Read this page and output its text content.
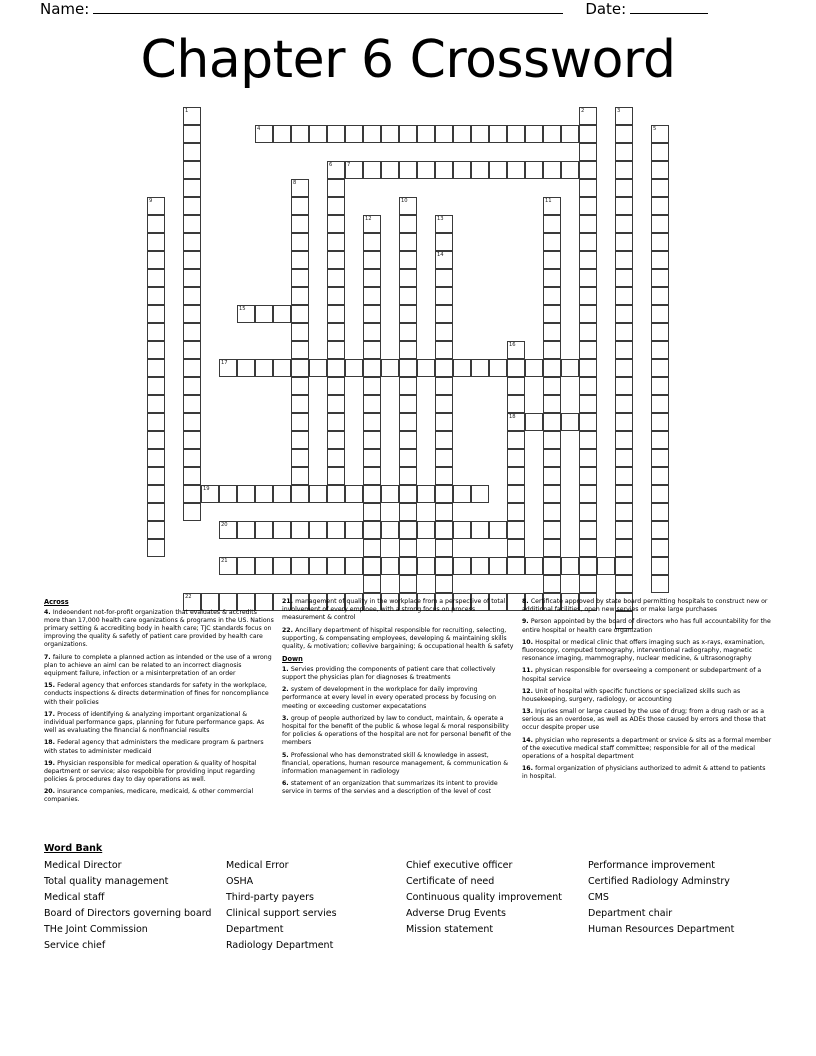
Name:	Date:
Chapter 6 Crossword
1	2	3
4	5
6	7
8
9	10	11
12	13
14
15
16
18
17
19
20
21
22
Across

4. Indeoendent not-for-profit organization that evaluates & accredits more than 17,000 health care oganizations & programs in the US. Nations primary setting & accrediting body in health care; TJC standards focus on improving the quality & safetly of patient care provided by health care organizations.

7. failure to complete a planned action as intended or the use of a wrong plan to achieve an aiml can be related to an incorrect diagnosis equipment failure, infection or a misinterpretation of an order

15. Federal agency that enforces standards for safety in the workplace, conducts inspections & directs determination of fines for noncompliance with their policies

17. Process of identifying & analyzing important organizational & individual performance gaps, planning for future performance gaps. As well as evaluating the financial & nonfinancial results

18. Federal agency that administers the medicare program & partners with states to administer medicaid

19. Physician responsible for medical operation & quality of hospital department or service; also respobible for providing input regarding policies & procedures day to day operations as well.

20. insurance companies, medicare, medicaid, & other commercial companies.

21. management of quality in the workplace from a perspective of total involvement of every emploee, with a strong focus on process measurement & control

22. Ancillary department of hispital responsible for recruiting, selecting, supporting, & compensating employees, developing & maintaining skills quality, & motivation; collevive bargaining; & occupational health & safety

Down

1. Servies providing the components of patient care that collectively support the physicias plan for diagnoses & treatments

2. system of development in the workplace for daily improving performance at every level in every operated process by focusing on meeting or exceeding customer expecatations

3. group of people authorized by law to conduct, maintain, & operate a hospital for the benefit of the public & whose legal & moral responsibility for policies & operations of the hospital are not for personal benefit of the members

5. Professional who has demonstrated skill & knowledge in assest, financial, operations, human resource management, & communication & information management in radiology

6. statement of an organization that summarizes its intent to provide service in terms of the servies and a description of the level of cost

8. Certificate approved by state board permitting hospitals to construct new or additional facilities, open new servies or make large purchases

9. Person appointed by the board of directors who has full accountability for the entire hospital or health care organization

10. Hospital or medical clinic that offers imaging such as x-rays, examination, fluoroscopy, computed tomography, interventional radiography, magnetic resonance imaging, mammography, nuclear medicine, & ultrasonography

11. physican responsible for overseeing a component or subdepartment of a hospital service

12. Unit of hospital with specific functions or specialized skills such as housekeeping, surgery, radiology, or accounting

13. Injuries small or large caused by the use of drug; from a drug rash or as a serious as an overdose, as well as ADEs those caused by errors and those that occur despite proper use

14. physician who represents a department or srvice & sits as a formal member of the executive medical staff committee; responsible for all of the medical operations of a hospital department

16. formal organization of physicians authorized to admit & attend to patients in hospital.

Word Bank
Medical Director	Medical Error	Chief executive officer	Performance improvement
Total quality management	OSHA	Certificate of need	Certified Radiology Adminstry
Medical staff	Third-party payers	Continuous quality improvement	CMS
Board of Directors governing board	Clinical support servies	Adverse Drug Events	Department chair
THe Joint Commission	Department	Mission statement	Human Resources Department
Service chief	Radiology Department
